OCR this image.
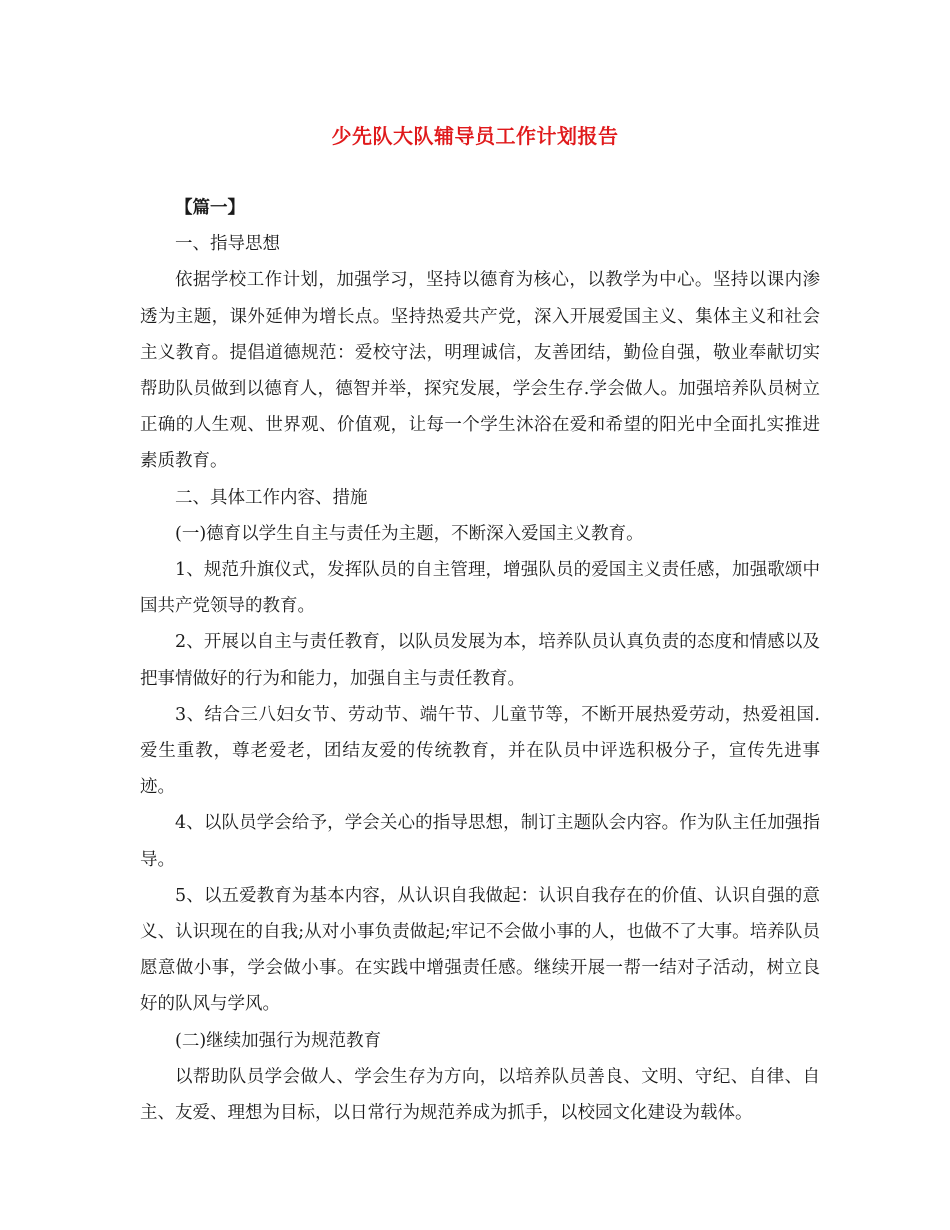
少先队大队辅导员工作计划报告

【篇一】

一、指导思想

依据学校工作计划，加强学习，坚持以德育为核心，以教学为中心。坚持以课内渗透为主题，课外延伸为增长点。坚持热爱共产党，深入开展爱国主义、集体主义和社会主义教育。提倡道德规范：爱校守法，明理诚信，友善团结，勤俭自强，敬业奉献切实帮助队员做到以德育人，德智并举，探究发展，学会生存.学会做人。加强培养队员树立正确的人生观、世界观、价值观，让每一个学生沐浴在爱和希望的阳光中全面扎实推进素质教育。

二、具体工作内容、措施

(一)德育以学生自主与责任为主题，不断深入爱国主义教育。

1、规范升旗仪式，发挥队员的自主管理，增强队员的爱国主义责任感，加强歌颂中国共产党领导的教育。

2、开展以自主与责任教育，以队员发展为本，培养队员认真负责的态度和情感以及把事情做好的行为和能力，加强自主与责任教育。

3、结合三八妇女节、劳动节、端午节、儿童节等，不断开展热爱劳动，热爱祖国.爱生重教，尊老爱老，团结友爱的传统教育，并在队员中评选积极分子，宣传先进事迹。

4、以队员学会给予，学会关心的指导思想，制订主题队会内容。作为队主任加强指导。

5、以五爱教育为基本内容，从认识自我做起：认识自我存在的价值、认识自强的意义、认识现在的自我;从对小事负责做起;牢记不会做小事的人，也做不了大事。培养队员愿意做小事，学会做小事。在实践中增强责任感。继续开展一帮一结对子活动，树立良好的队风与学风。

(二)继续加强行为规范教育

以帮助队员学会做人、学会生存为方向，以培养队员善良、文明、守纪、自律、自主、友爱、理想为目标，以日常行为规范养成为抓手，以校园文化建设为载体。
